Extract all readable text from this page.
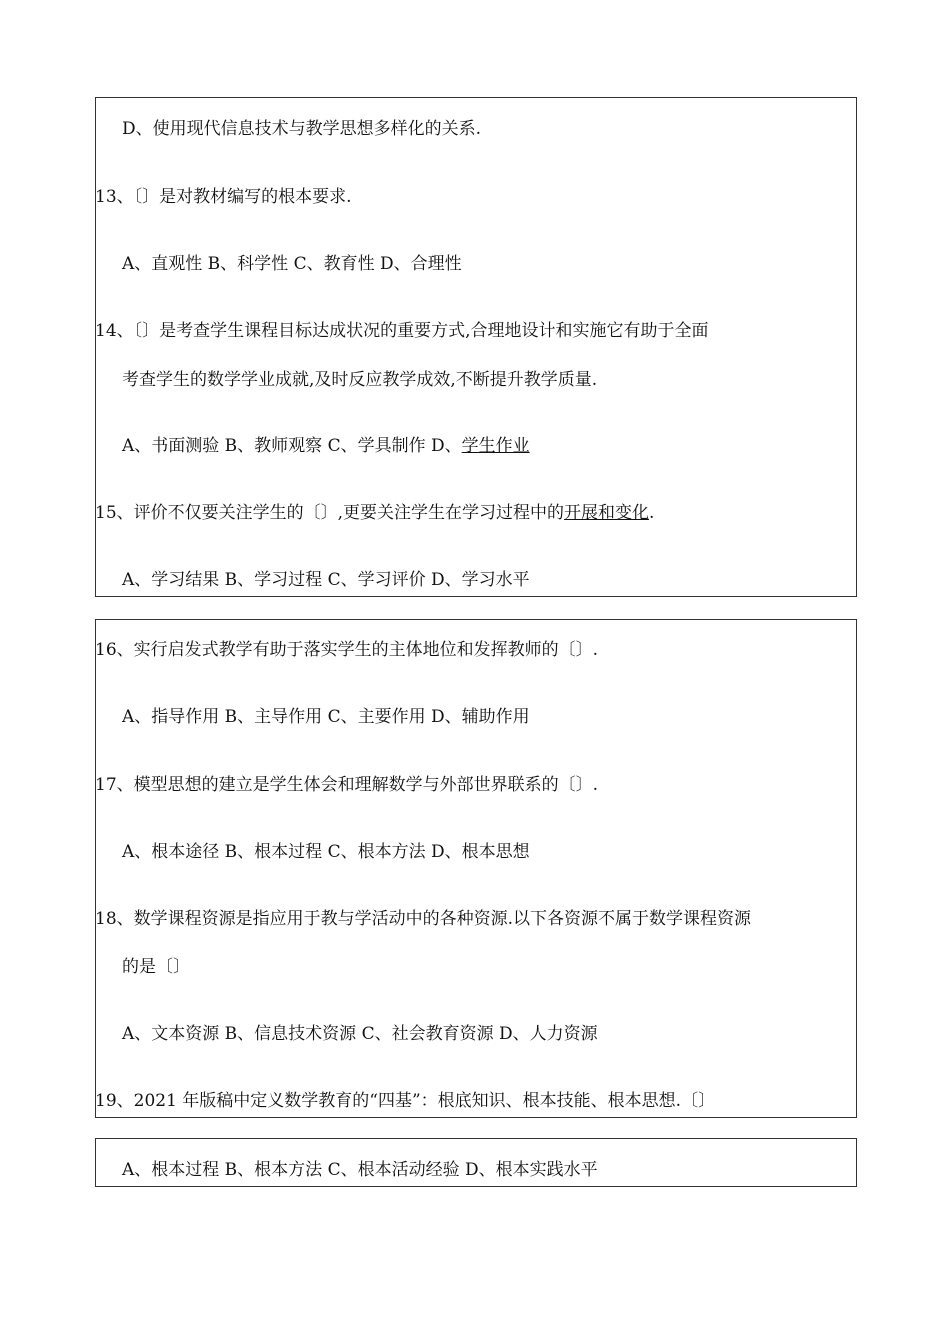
D、使用现代信息技术与教学思想多样化的关系.
13、〔〕是对教材编写的根本要求.
A、直观性 B、科学性 C、教育性 D、合理性
14、〔〕是考查学生课程目标达成状况的重要方式,合理地设计和实施它有助于全面
考查学生的数学学业成就,及时反应教学成效,不断提升教学质量.
A、书面测验 B、教师观察 C、学具制作 D、学生作业
15、评价不仅要关注学生的〔〕,更要关注学生在学习过程中的开展和变化.
A、学习结果 B、学习过程 C、学习评价 D、学习水平
16、实行启发式教学有助于落实学生的主体地位和发挥教师的〔〕.
A、指导作用 B、主导作用 C、主要作用 D、辅助作用
17、模型思想的建立是学生体会和理解数学与外部世界联系的〔〕.
A、根本途径 B、根本过程 C、根本方法 D、根本思想
18、数学课程资源是指应用于教与学活动中的各种资源.以下各资源不属于数学课程资源
的是〔〕
A、文本资源 B、信息技术资源 C、社会教育资源 D、人力资源
19、2021 年版稿中定义数学教育的“四基”：根底知识、根本技能、根本思想.〔〕
A、根本过程 B、根本方法 C、根本活动经验 D、根本实践水平
